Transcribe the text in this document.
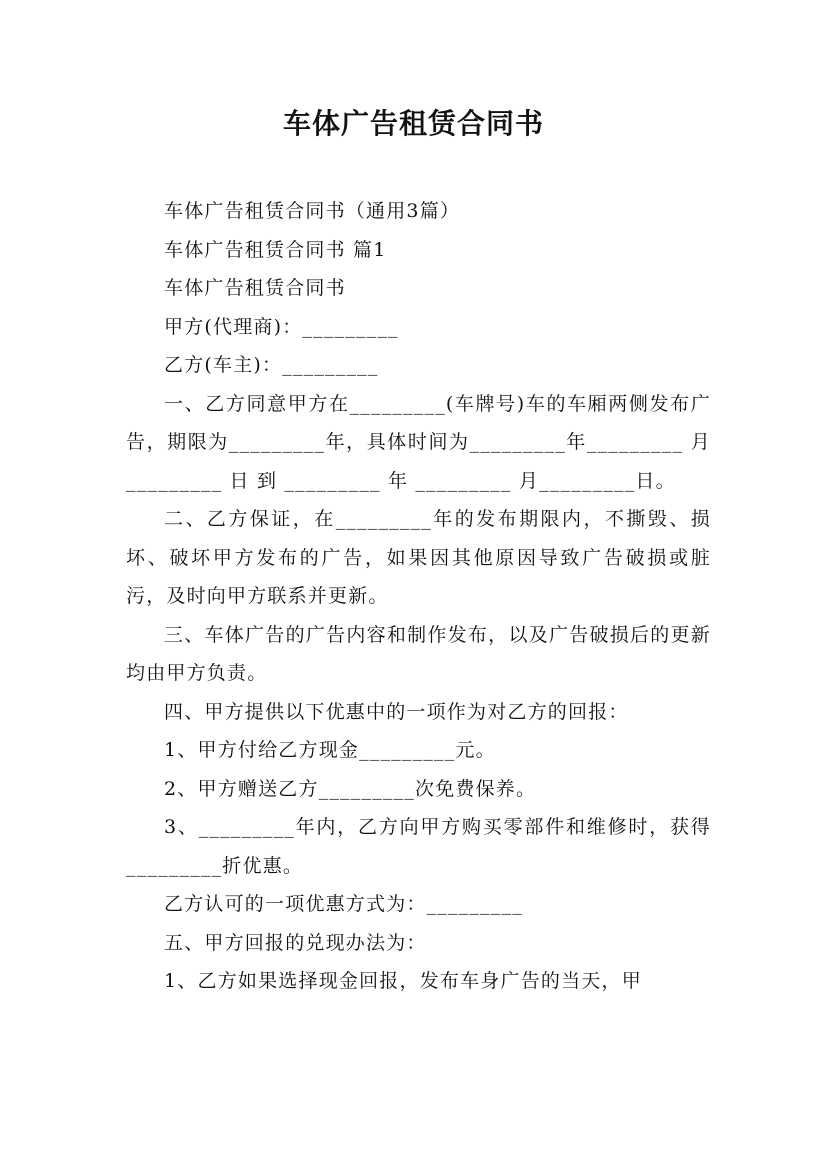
车体广告租赁合同书

车体广告租赁合同书（通用3篇）

车体广告租赁合同书 篇1

车体广告租赁合同书

甲方(代理商)：_________

乙方(车主)：_________

一、乙方同意甲方在_________(车牌号)车的车厢两侧发布广告，期限为_________年，具体时间为_________年_________ 月 _________ 日 到 _________ 年 _________ 月_________日。

二、乙方保证，在_________年的发布期限内，不撕毁、损坏、破坏甲方发布的广告，如果因其他原因导致广告破损或脏污，及时向甲方联系并更新。

三、车体广告的广告内容和制作发布，以及广告破损后的更新均由甲方负责。

四、甲方提供以下优惠中的一项作为对乙方的回报：

1、甲方付给乙方现金_________元。

2、甲方赠送乙方_________次免费保养。

3、_________年内，乙方向甲方购买零部件和维修时，获得_________折优惠。

乙方认可的一项优惠方式为：_________

五、甲方回报的兑现办法为：

1、乙方如果选择现金回报，发布车身广告的当天，甲
